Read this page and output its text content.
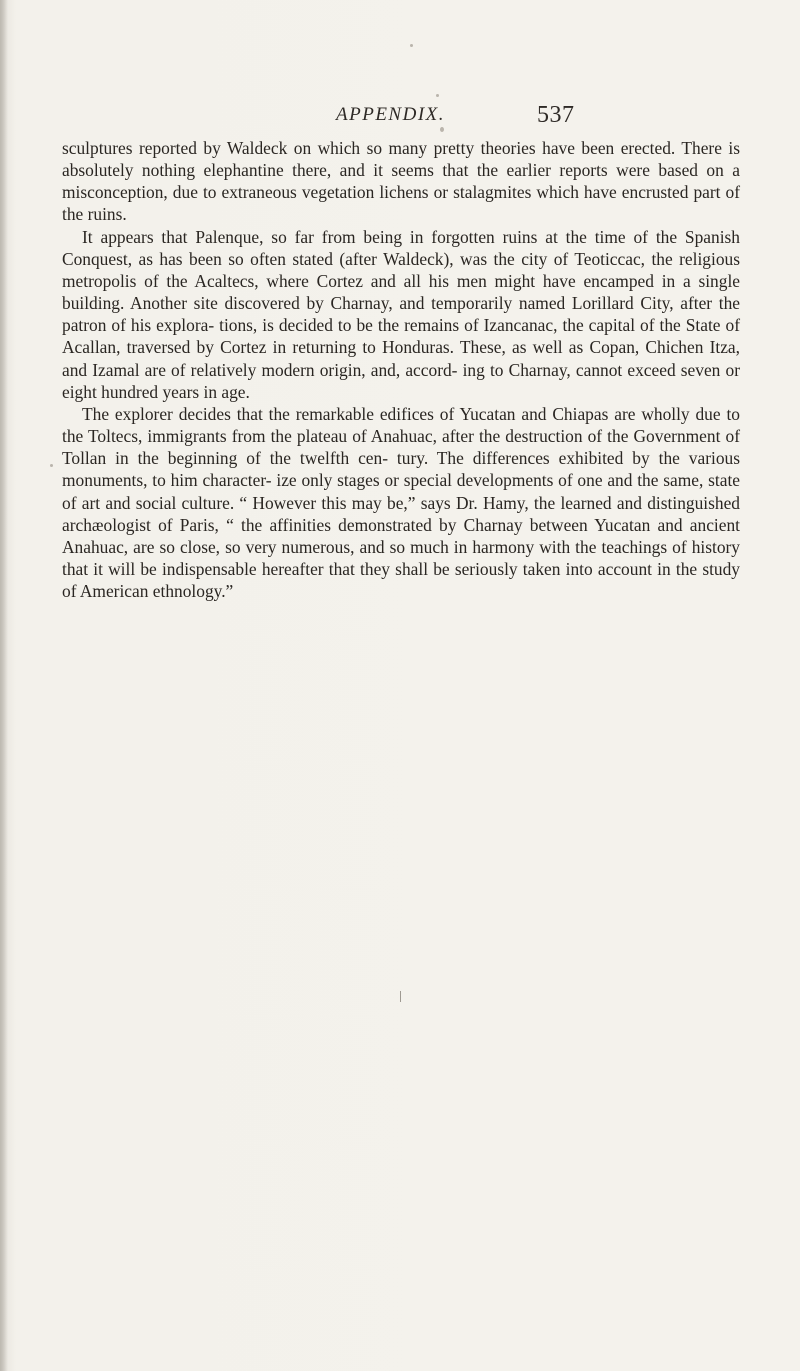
APPENDIX.	537

sculptures reported by Waldeck on which so many pretty theories have been erected. There is absolutely nothing elephantine there, and it seems that the earlier reports were based on a misconception, due to extraneous vegetation lichens or stalagmites which have encrusted part of the ruins.

It appears that Palenque, so far from being in forgotten ruins at the time of the Spanish Conquest, as has been so often stated (after Waldeck), was the city of Teoticcac, the religious metropolis of the Acaltecs, where Cortez and all his men might have encamped in a single building. Another site discovered by Charnay, and temporarily named Lorillard City, after the patron of his explora- tions, is decided to be the remains of Izancanac, the capital of the State of Acallan, traversed by Cortez in returning to Honduras. These, as well as Copan, Chichen Itza, and Izamal are of relatively modern origin, and, accord- ing to Charnay, cannot exceed seven or eight hundred years in age.

The explorer decides that the remarkable edifices of Yucatan and Chiapas are wholly due to the Toltecs, immigrants from the plateau of Anahuac, after the destruction of the Government of Tollan in the beginning of the twelfth cen- tury. The differences exhibited by the various monuments, to him character- ize only stages or special developments of one and the same, state of art and social culture. “ However this may be,” says Dr. Hamy, the learned and distinguished archæologist of Paris, “ the affinities demonstrated by Charnay between Yucatan and ancient Anahuac, are so close, so very numerous, and so much in harmony with the teachings of history that it will be indispensable hereafter that they shall be seriously taken into account in the study of American ethnology.”
